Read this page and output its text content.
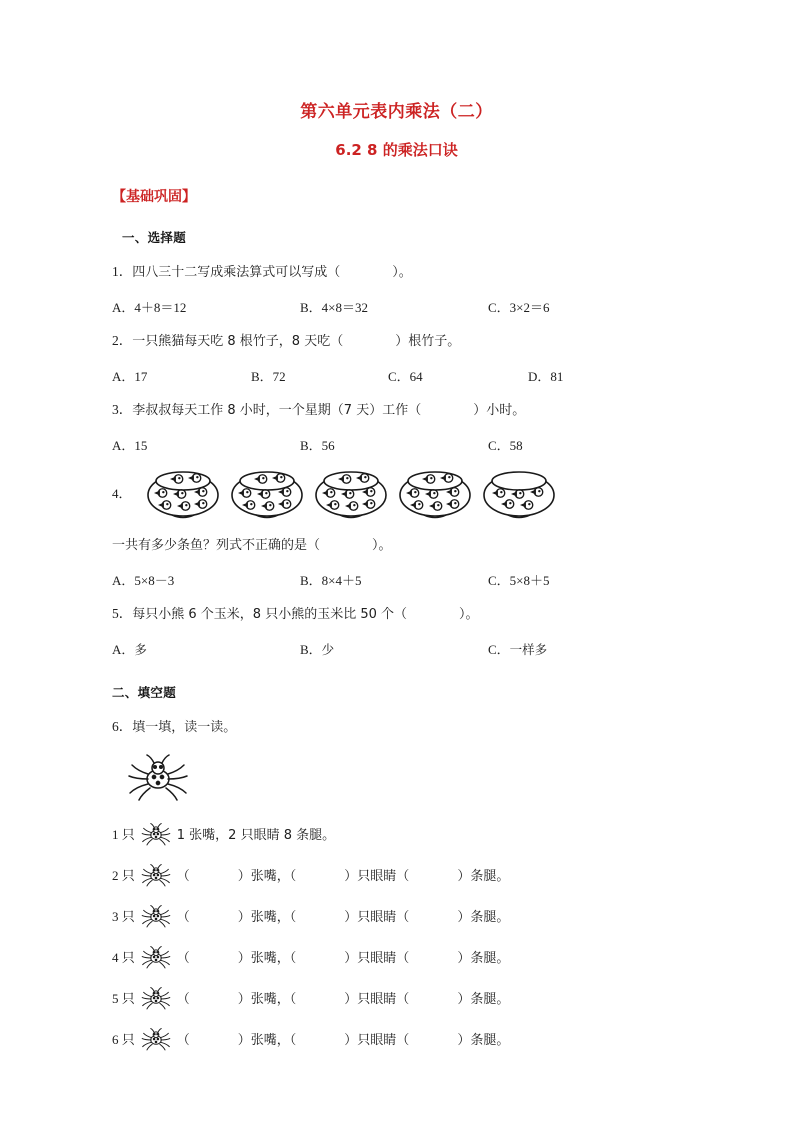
第六单元表内乘法（二）
6.2 8 的乘法口诀
【基础巩固】
一、选择题
1．四八三十二写成乘法算式可以写成（	）。
A．4＋8＝12	B．4×8＝32	C．3×2＝6
2．一只熊猫每天吃 8 根竹子，8 天吃（	）根竹子。
A．17	B．72	C．64	D．81
3．李叔叔每天工作 8 小时，一个星期（7 天）工作（	）小时。
A．15	B．56	C．58
4．
一共有多少条鱼？列式不正确的是（	）。
A．5×8－3	B．8×4＋5	C．5×8＋5
5．每只小熊 6 个玉米，8 只小熊的玉米比 50 个（	）。
A．多	B．少	C．一样多
二、填空题
6．填一填，读一读。
1 只	1 张嘴，2 只眼睛 8 条腿。
2 只	（	）张嘴，（	）只眼睛（	）条腿。
3 只	（	）张嘴，（	）只眼睛（	）条腿。
4 只	（	）张嘴，（	）只眼睛（	）条腿。
5 只	（	）张嘴，（	）只眼睛（	）条腿。
6 只	（	）张嘴，（	）只眼睛（	）条腿。
